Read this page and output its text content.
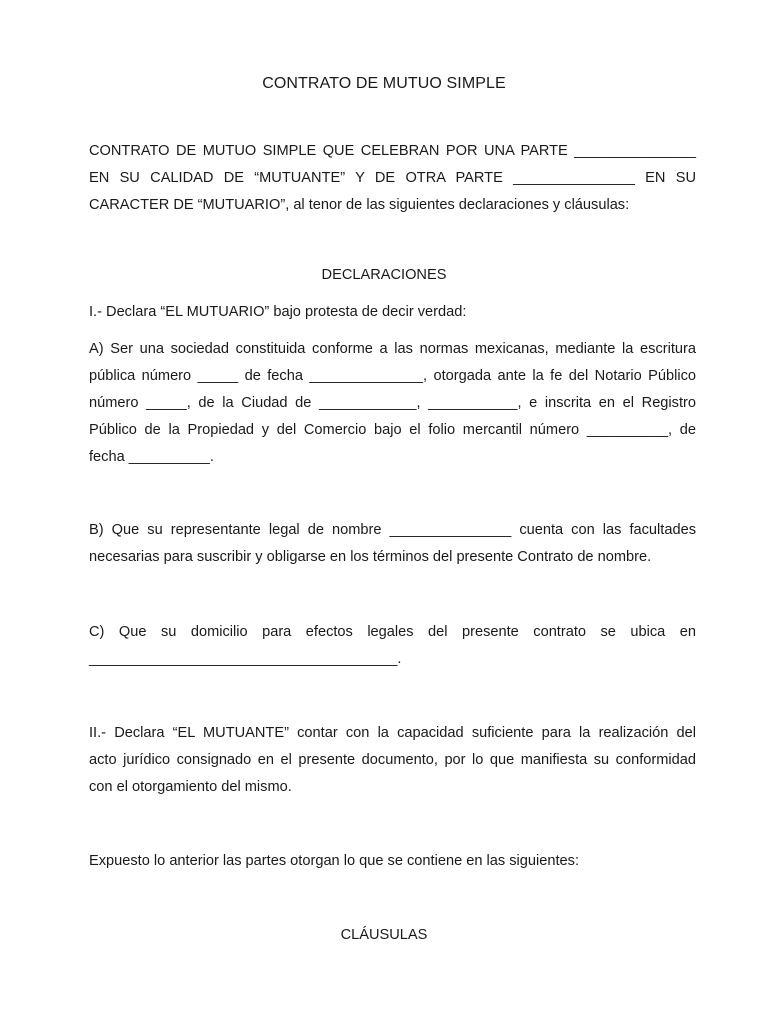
CONTRATO DE MUTUO SIMPLE
CONTRATO DE MUTUO SIMPLE QUE CELEBRAN POR UNA PARTE _______________
EN SU CALIDAD DE “MUTUANTE” Y DE OTRA PARTE _______________ EN SU
CARACTER DE “MUTUARIO”, al tenor de las siguientes declaraciones y cláusulas:

DECLARACIONES

I.- Declara “EL MUTUARIO” bajo protesta de decir verdad:

A) Ser una sociedad constituida conforme a las normas mexicanas, mediante la escritura
pública número _____ de fecha ______________, otorgada ante la fe del Notario Público
número _____, de la Ciudad de ____________, ___________, e inscrita en el Registro
Público de la Propiedad y del Comercio bajo el folio mercantil número __________, de
fecha __________.
B) Que su representante legal de nombre _______________ cuenta con las facultades
necesarias para suscribir y obligarse en los términos del presente Contrato de nombre.
C) Que su domicilio para efectos legales del presente contrato se ubica en
______________________________________.
II.- Declara “EL MUTUANTE” contar con la capacidad suficiente para la realización del
acto jurídico consignado en el presente documento, por lo que manifiesta su conformidad
con el otorgamiento del mismo.

Expuesto lo anterior las partes otorgan lo que se contiene en las siguientes:

CLÁUSULAS
